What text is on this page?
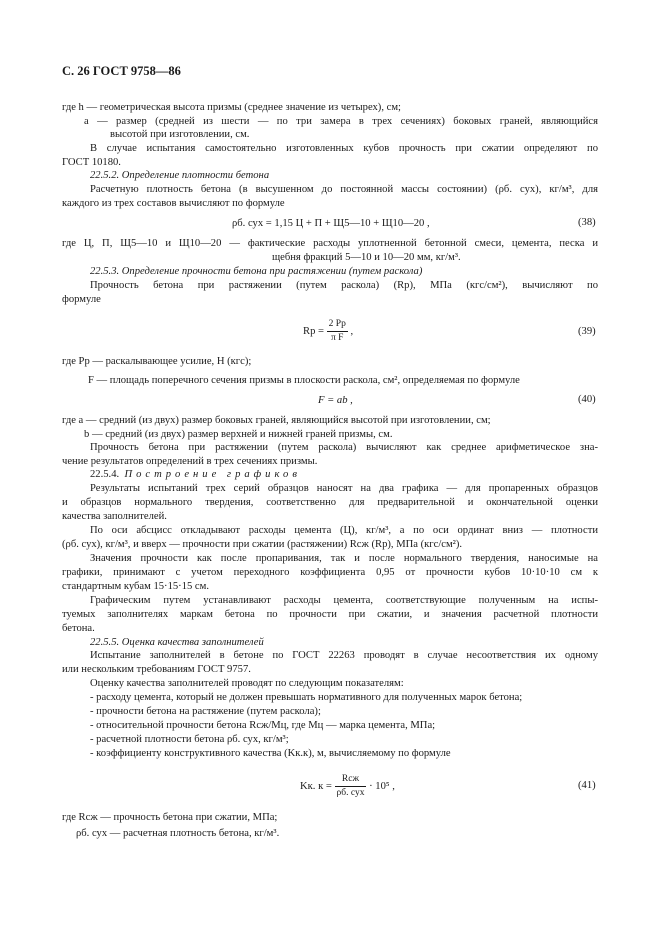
С. 26 ГОСТ 9758—86
где h — геометрическая высота призмы (среднее значение из четырех), см;
a — размер (средней из шести — по три замера в трех сечениях) боковых граней, являющийся
высотой при изготовлении, см.
В случае испытания самостоятельно изготовленных кубов прочность при сжатии определяют по
ГОСТ 10180.
22.5.2. Определение плотности бетона
Расчетную плотность бетона (в высушенном до постоянной массы состоянии) (ρб. сух), кг/м³, для
каждого из трех составов вычисляют по формуле
ρб. сух = 1,15 Ц + П + Щ5—10 + Щ10—20 ,	(38)
где Ц, П, Щ5—10 и Щ10—20 — фактические расходы уплотненной бетонной смеси, цемента, песка и
щебня фракций 5—10 и 10—20 мм, кг/м³.
22.5.3. Определение прочности бетона при растяжении (путем раскола)
Прочность бетона при растяжении (путем раскола) (Rр), МПа (кгс/см²), вычисляют по
формуле
Rр = $\frac{2 Pр}{\text{π F}}$ ,	(39)
где Pр — раскалывающее усилие, Н (кгс);
F — площадь поперечного сечения призмы в плоскости раскола, см², определяемая по формуле
F = ab ,	(40)
где a — средний (из двух) размер боковых граней, являющийся высотой при изготовлении, см;
b — средний (из двух) размер верхней и нижней граней призмы, см.
Прочность бетона при растяжении (путем раскола) вычисляют как среднее арифметическое зна-
чение результатов определений в трех сечениях призмы.
22.5.4. Построение графиков
Результаты испытаний трех серий образцов наносят на два графика — для пропаренных образцов
и образцов нормального твердения, соответственно для предварительной и окончательной оценки
качества заполнителей.
По оси абсцисс откладывают расходы цемента (Ц), кг/м³, а по оси ординат вниз — плотности
(ρб. сух), кг/м³, и вверх — прочности при сжатии (растяжении) Rсж (Rр), МПа (кгс/см²).
Значения прочности как после пропаривания, так и после нормального твердения, наносимые на
графики, принимают с учетом переходного коэффициента 0,95 от прочности кубов 10·10·10 см к
стандартным кубам 15·15·15 см.
Графическим путем устанавливают расходы цемента, соответствующие полученным на испы-
туемых заполнителях маркам бетона по прочности при сжатии, и значения расчетной плотности
бетона.
22.5.5. Оценка качества заполнителей
Испытание заполнителей в бетоне по ГОСТ 22263 проводят в случае несоответствия их одному
или нескольким требованиям ГОСТ 9757.
Оценку качества заполнителей проводят по следующим показателям:
- расходу цемента, который не должен превышать нормативного для полученных марок бетона;
- прочности бетона на растяжение (путем раскола);
- относительной прочности бетона Rсж/Mц, где Mц — марка цемента, МПа;
- расчетной плотности бетона ρб. сух, кг/м³;
- коэффициенту конструктивного качества (Kк.к), м, вычисляемому по формуле
Kк. $к = \frac{\text{Rсж}}{\text{ρб. сух}} \cdot 10^5$ ,	(41)
где Rсж — прочность бетона при сжатии, МПа;
ρб. сух — расчетная плотность бетона, кг/м³.
